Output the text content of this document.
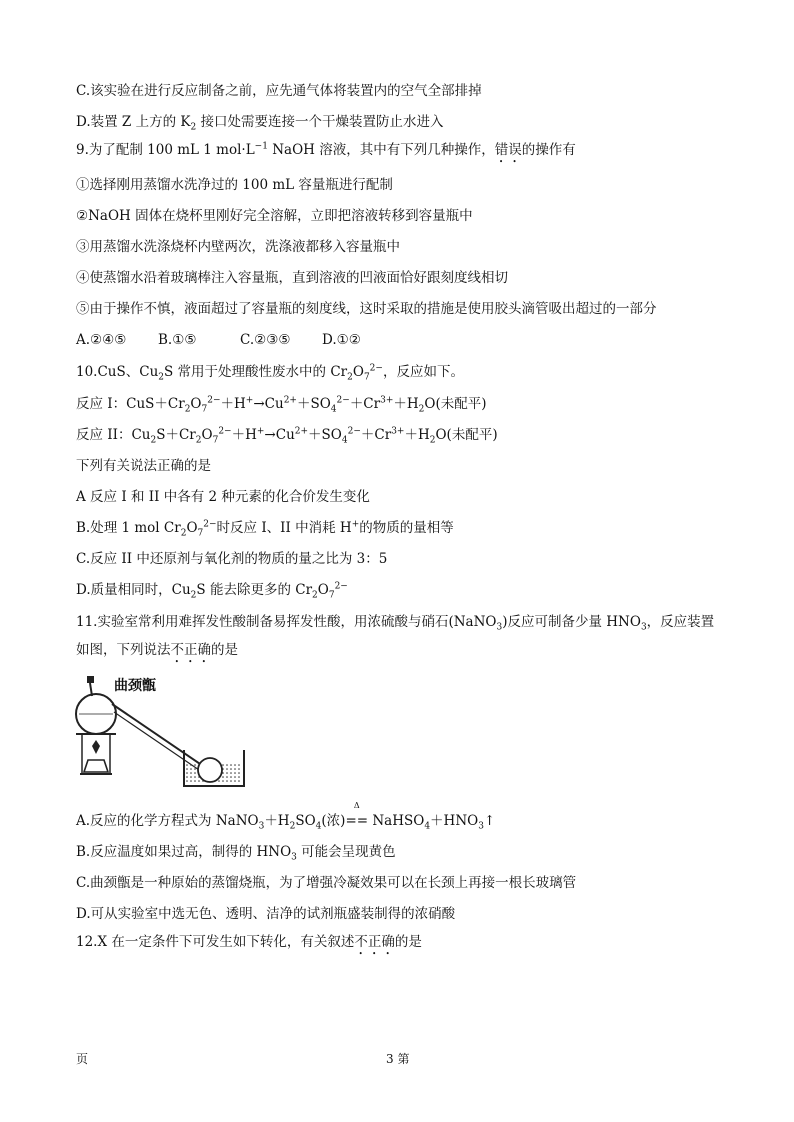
C.该实验在进行反应制备之前，应先通气体将装置内的空气全部排掉
D.装置 Z 上方的 $K_2$ 接口处需要连接一个干燥装置防止水进入
9.为了配制 100 mL 1 $mol\cdot L^{-1}$ NaOH 溶液，其中有下列几种操作，错误的操作有
①选择刚用蒸馏水洗净过的 100 mL 容量瓶进行配制
②NaOH 固体在烧杯里刚好完全溶解，立即把溶液转移到容量瓶中
③用蒸馏水洗涤烧杯内壁两次，洗涤液都移入容量瓶中
④使蒸馏水沿着玻璃棒注入容量瓶，直到溶液的凹液面恰好跟刻度线相切
⑤由于操作不慎，液面超过了容量瓶的刻度线，这时采取的措施是使用胶头滴管吸出超过的一部分
A.②④⑤ B.①⑤	C.②③⑤ D.①②
10.CuS、$Cu_2S$ 常用于处理酸性废水中的 $Cr_2O_7^{2-}$，反应如下。
反应 I：$CuS+Cr_2O_7^{2-}+H^+\to Cu^{2+}+SO_4^{2-}+Cr^{3+}+H_2O$(未配平)
反应 II：$Cu_2S+Cr_2O_7^{2-}+H^+\to Cu^{2+}+SO_4^{2-}+Cr^{3+}+H_2O$(未配平)
下列有关说法正确的是
A 反应 I 和 II 中各有 2 种元素的化合价发生变化
B.处理 1 mol $Cr_2O_7^{2-}$时反应 I、II 中消耗 H+的物质的量相等
C.反应 II 中还原剂与氧化剂的物质的量之比为 3：5
D.质量相同时，$Cu_2S$ 能去除更多的 $Cr_2O_7^{2-}$
11.实验室常利用难挥发性酸制备易挥发性酸，用浓硫酸与硝石(NaNO$_3$)反应可制备少量 $HNO_3$，反应装置
如图，下列说法不正确的是
曲颈甑
A.反应的化学方程式为 $NaNO_3+H_2SO_4$(浓)
Δ
== $NaHSO_4+HNO_3↑$
B.反应温度如果过高，制得的 $HNO_3$ 可能会呈现黄色
C.曲颈甑是一种原始的蒸馏烧瓶，为了增强冷凝效果可以在长颈上再接一根长玻璃管
D.可从实验室中选无色、透明、洁净的试剂瓶盛装制得的浓硝酸
12.X 在一定条件下可发生如下转化，有关叙述不正确的是
页	3 第
